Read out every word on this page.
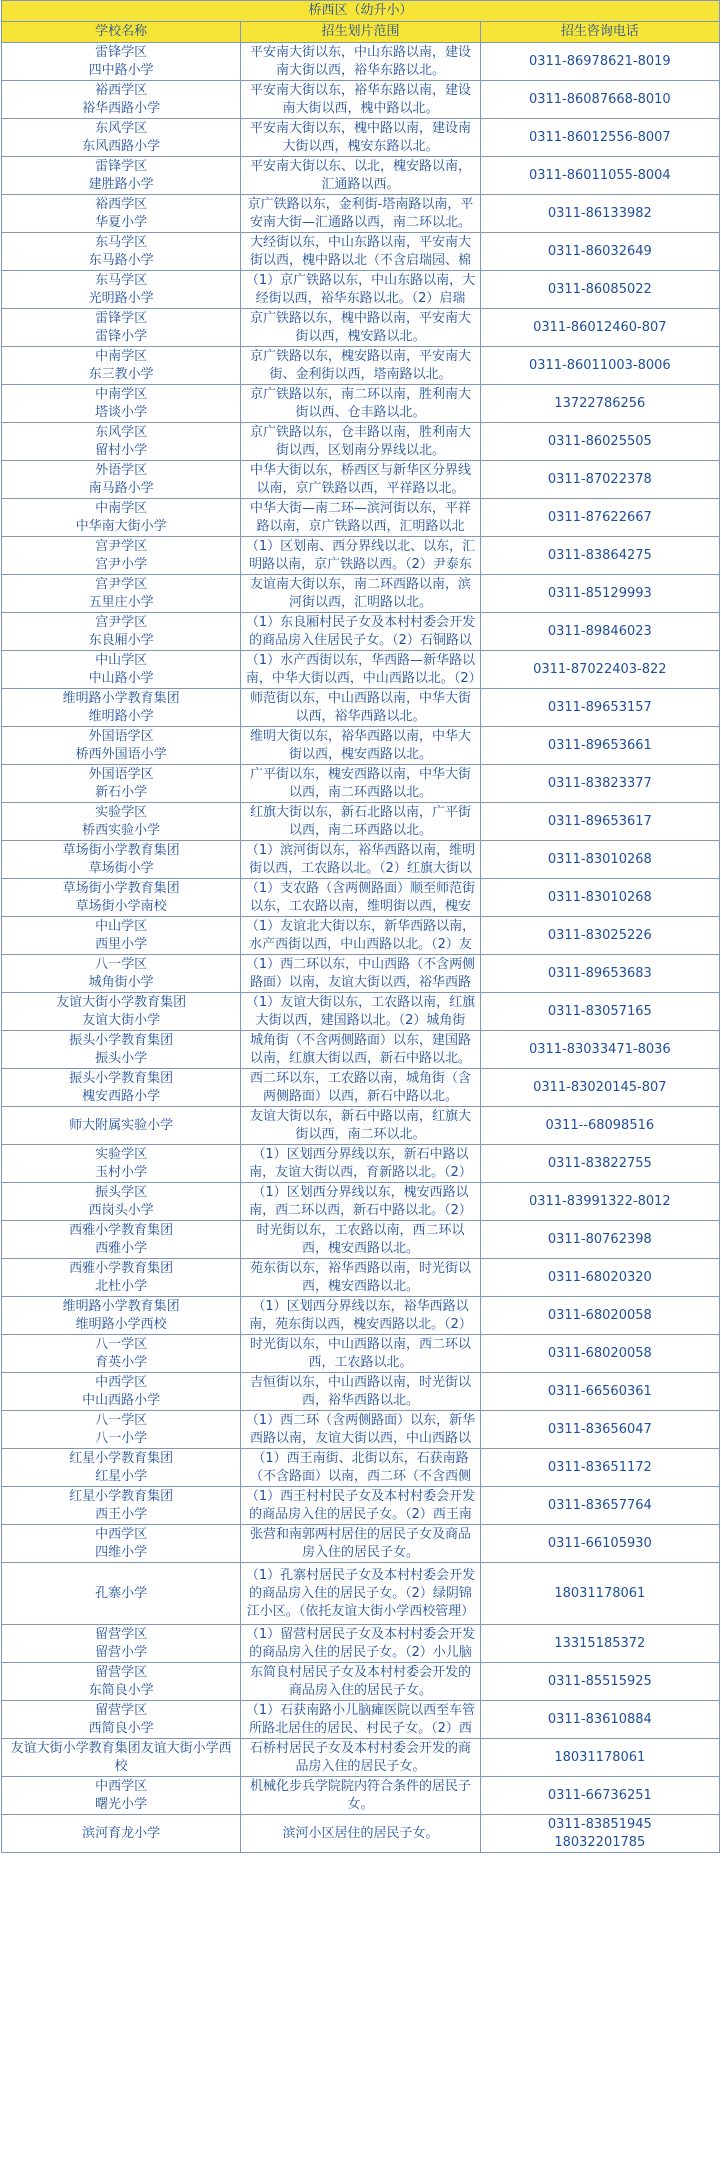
桥西区（幼升小）		
学校名称	招生划片范围	招生咨询电话

雷锋学区
四中路小学	平安南大街以东，中山东路以南，建设南大街以西，裕华东路以北。	0311-86978621-8019

裕西学区
裕华西路小学	平安南大街以东，裕华东路以南，建设南大街以西，槐中路以北。	0311-86087668-8010

东风学区
东风西路小学	平安南大街以东，槐中路以南，建设南大街以西，槐安东路以北。	0311-86012556-8007

雷锋学区
建胜路小学	平安南大街以东、以北，槐安路以南，汇通路以西。	0311-86011055-8004

裕西学区
华夏小学	京广铁路以东，金利街-塔南路以南，平安南大街—汇通路以西，南二环以北。	0311-86133982

东马学区
东马路小学	大经街以东，中山东路以南，平安南大街以西，槐中路以北（不含启瑞园、棉	0311-86032649

东马学区
光明路小学	（1）京广铁路以东，中山东路以南，大经街以西，裕华东路以北。（2）启瑞	0311-86085022

雷锋学区
雷锋小学	京广铁路以东，槐中路以南，平安南大街以西，槐安路以北。	0311-86012460-807

中南学区
东三教小学	京广铁路以东，槐安路以南，平安南大街、金利街以西，塔南路以北。	0311-86011003-8006

中南学区
塔谈小学	京广铁路以东，南二环以南，胜利南大街以西、仓丰路以北。	13722786256

东风学区
留村小学	京广铁路以东，仓丰路以南，胜利南大街以西，区划南分界线以北。	0311-86025505

外语学区
南马路小学	中华大街以东，桥西区与新华区分界线以南，京广铁路以西，平祥路以北。	0311-87022378

中南学区
中华南大街小学	中华大街—南二环—滨河街以东，平祥路以南，京广铁路以西，汇明路以北	0311-87622667

宫尹学区
宫尹小学	（1）区划南、西分界线以北、以东，汇明路以南，京广铁路以西。（2）尹泰东	0311-83864275

宫尹学区
五里庄小学	友谊南大街以东，南二环西路以南，滨河街以西，汇明路以北。	0311-85129993

宫尹学区
东良厢小学	（1）东良厢村民子女及本村村委会开发的商品房入住居民子女。（2）石铜路以	0311-89846023

中山学区
中山路小学	（1）水产西街以东，华西路—新华路以南，中华大街以西，中山西路以北。（2）	0311-87022403-822

维明路小学教育集团
维明路小学	师范街以东，中山西路以南，中华大街以西，裕华西路以北。	0311-89653157

外国语学区
桥西外国语小学	维明大街以东，裕华西路以南，中华大街以西，槐安西路以北。	0311-89653661

外国语学区
新石小学	广平街以东，槐安西路以南，中华大街以西，南二环西路以北。	0311-83823377

实验学区
桥西实验小学	红旗大街以东，新石北路以南，广平街以西，南二环西路以北。	0311-89653617

草场街小学教育集团
草场街小学	（1）滨河街以东，裕华西路以南，维明街以西，工农路以北。（2）红旗大街以	0311-83010268

草场街小学教育集团
草场街小学南校	（1）支农路（含两侧路面）顺至师范街以东，工农路以南，维明街以西，槐安	0311-83010268

中山学区
西里小学	（1）友谊北大街以东，新华西路以南，水产西街以西，中山西路以北。（2）友	0311-83025226

八一学区
城角街小学	（1）西二环以东，中山西路（不含两侧路面）以南，友谊大街以西，裕华西路	0311-89653683

友谊大街小学教育集团
友谊大街小学	（1）友谊大街以东，工农路以南，红旗大街以西，建国路以北。（2）城角街	0311-83057165

振头小学教育集团
振头小学	城角街（不含两侧路面）以东，建国路以南，红旗大街以西，新石中路以北。	0311-83033471-8036

振头小学教育集团
槐安西路小学	西二环以东，工农路以南，城角街（含两侧路面）以西，新石中路以北。	0311-83020145-807

师大附属实验小学	友谊大街以东，新石中路以南，红旗大街以西，南二环以北。	0311--68098516

实验学区
玉村小学	（1）区划西分界线以东，新石中路以南，友谊大街以西，育新路以北。（2）	0311-83822755

振头学区
西岗头小学	（1）区划西分界线以东，槐安西路以南，西二环以西，新石中路以北。（2）	0311-83991322-8012

西雅小学教育集团
西雅小学	时光街以东，工农路以南，西二环以西，槐安西路以北。	0311-80762398

西雅小学教育集团
北杜小学	苑东街以东，裕华西路以南，时光街以西，槐安西路以北。	0311-68020320

维明路小学教育集团
维明路小学西校	（1）区划西分界线以东，裕华西路以南，苑东街以西，槐安西路以北。（2）	0311-68020058

八一学区
育英小学	时光街以东，中山西路以南，西二环以西，工农路以北。	0311-68020058

中西学区
中山西路小学	吉恒街以东，中山西路以南，时光街以西，裕华西路以北。	0311-66560361

八一学区
八一小学	（1）西二环（含两侧路面）以东，新华西路以南，友谊大街以西，中山西路以	0311-83656047

红星小学教育集团
红星小学	（1）西王南街、北街以东，石获南路（不含路面）以南，西二环（不含西侧	0311-83651172

红星小学教育集团
西王小学	（1）西王村村民子女及本村村委会开发的商品房入住的居民子女。（2）西王南	0311-83657764

中西学区
四维小学	张营和南郭两村居住的居民子女及商品房入住的居民子女。	0311-66105930

孔寨小学	（1）孔寨村居民子女及本村村委会开发的商品房入住的居民子女。（2）绿阴锦江小区。（依托友谊大街小学西校管理）	18031178061

留营学区
留营小学	（1）留营村居民子女及本村村委会开发的商品房入住的居民子女。（2）小儿脑	13315185372

留营学区
东简良小学	东简良村居民子女及本村村委会开发的商品房入住的居民子女。	0311-85515925

留营学区
西简良小学	（1）石获南路小儿脑瘫医院以西至车管所路北居住的居民、村民子女。（2）西	0311-83610884

友谊大街小学教育集团友谊大街小学西校	石桥村居民子女及本村村委会开发的商品房入住的居民子女。	18031178061

中西学区
曙光小学	机械化步兵学院院内符合条件的居民子女。	0311-66736251

滨河育龙小学	滨河小区居住的居民子女。	0311-83851945
18032201785
